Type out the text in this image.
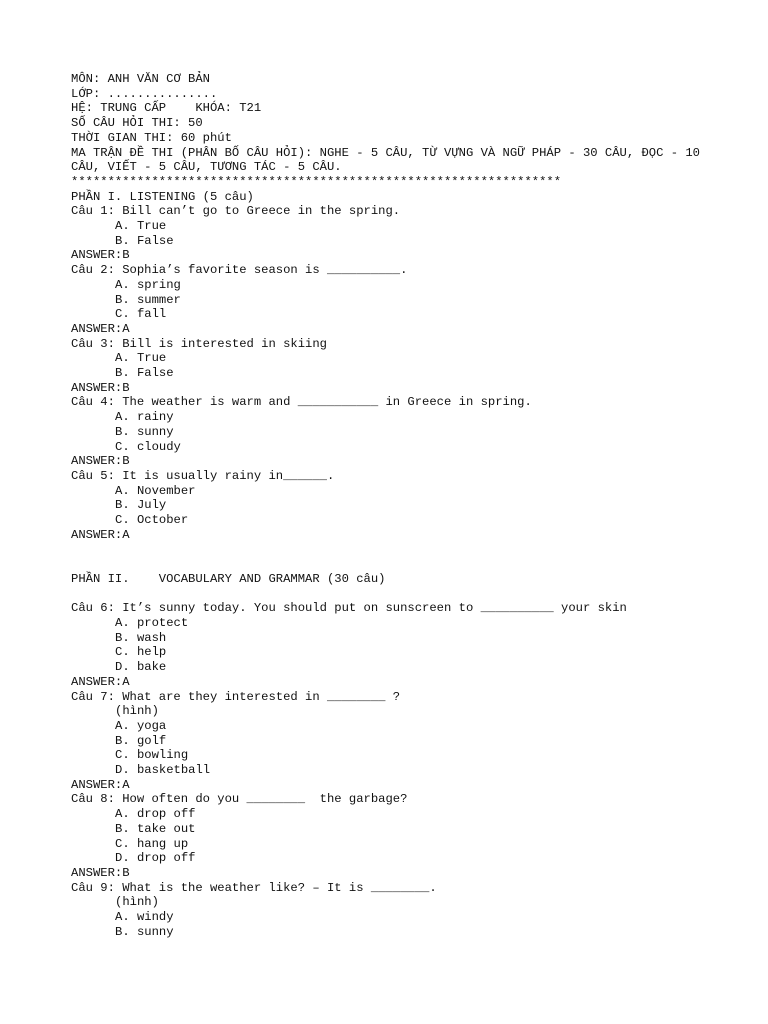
MÔN: ANH VĂN CƠ BẢN
LỚP: ...............
HỆ: TRUNG CẤP    KHÓA: T21
SỐ CÂU HỎI THI: 50
THỜI GIAN THI: 60 phút
MA TRẬN ĐỀ THI (PHÂN BỐ CÂU HỎI): NGHE - 5 CÂU, TỪ VỰNG VÀ NGỮ PHÁP - 30 CÂU, ĐỌC - 10 CÂU, VIẾT - 5 CÂU, TƯƠNG TÁC - 5 CÂU.
*******************************************************************
PHẦN I. LISTENING (5 câu)
Câu 1: Bill can’t go to Greece in the spring.
A. True
B. False
ANSWER:B
Câu 2: Sophia’s favorite season is __________.
A. spring
B. summer
C. fall
ANSWER:A
Câu 3: Bill is interested in skiing
A. True
B. False
ANSWER:B
Câu 4: The weather is warm and ___________ in Greece in spring.
A. rainy
B. sunny
C. cloudy
ANSWER:B
Câu 5: It is usually rainy in______.
A. November
B. July
C. October
ANSWER:A
PHẦN II.    VOCABULARY AND GRAMMAR (30 câu)
Câu 6: It’s sunny today. You should put on sunscreen to __________ your skin
A. protect
B. wash
C. help
D. bake
ANSWER:A
Câu 7: What are they interested in ________ ?
(hình)
A. yoga
B. golf
C. bowling
D. basketball
ANSWER:A
Câu 8: How often do you ________  the garbage?
A. drop off
B. take out
C. hang up
D. drop off
ANSWER:B
Câu 9: What is the weather like? – It is ________.
(hình)
A. windy
B. sunny
